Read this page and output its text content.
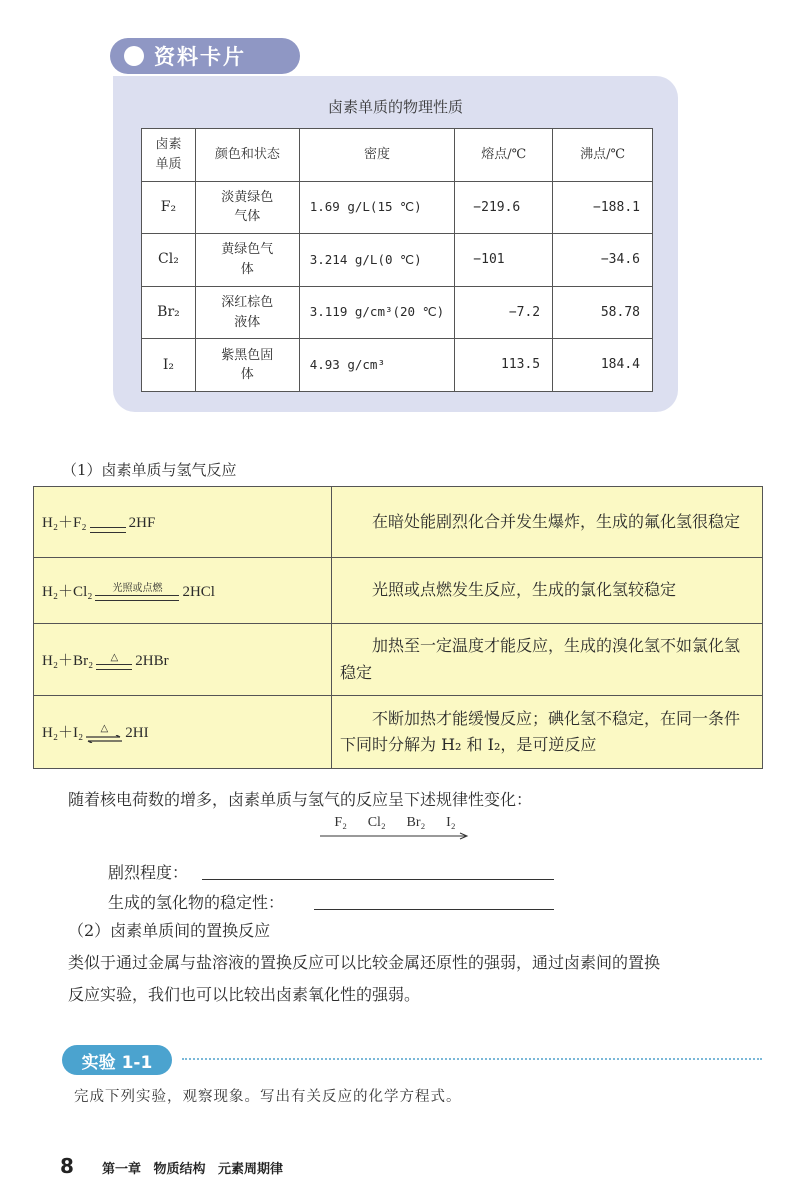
资料卡片
卤素单质的物理性质
卤素单质	颜色和状态	密度	熔点/℃	沸点/℃
F₂	淡黄绿色气体	1.69 g/L(15 ℃)	−219.6	−188.1
Cl₂	黄绿色气体	3.214 g/L(0 ℃)	−101	−34.6
Br₂	深红棕色液体	3.119 g/cm³(20 ℃)	−7.2	58.78
I₂	紫黑色固体	4.93 g/cm³	113.5	184.4
（1）卤素单质与氢气反应
H₂＋F₂ 2HF	在暗处能剧烈化合并发生爆炸，生成的氟化氢很稳定
H₂＋Cl₂ 光照或点燃 2HCl	光照或点燃发生反应，生成的氯化氢较稳定
H₂＋Br₂ △ 2HBr	加热至一定温度才能反应，生成的溴化氢不如氯化氢稳定
H₂＋I₂ △ 2HI	不断加热才能缓慢反应；碘化氢不稳定，在同一条件下同时分解为 H₂ 和 I₂，是可逆反应
随着核电荷数的增多，卤素单质与氢气的反应呈下述规律性变化：
F₂ Cl₂ Br₂ I₂
剧烈程度：
生成的氢化物的稳定性：
（2）卤素单质间的置换反应
类似于通过金属与盐溶液的置换反应可以比较金属还原性的强弱，通过卤素间的置换
反应实验，我们也可以比较出卤素氧化性的强弱。
实验 1-1
完成下列实验，观察现象。写出有关反应的化学方程式。
8 第一章 物质结构 元素周期律
